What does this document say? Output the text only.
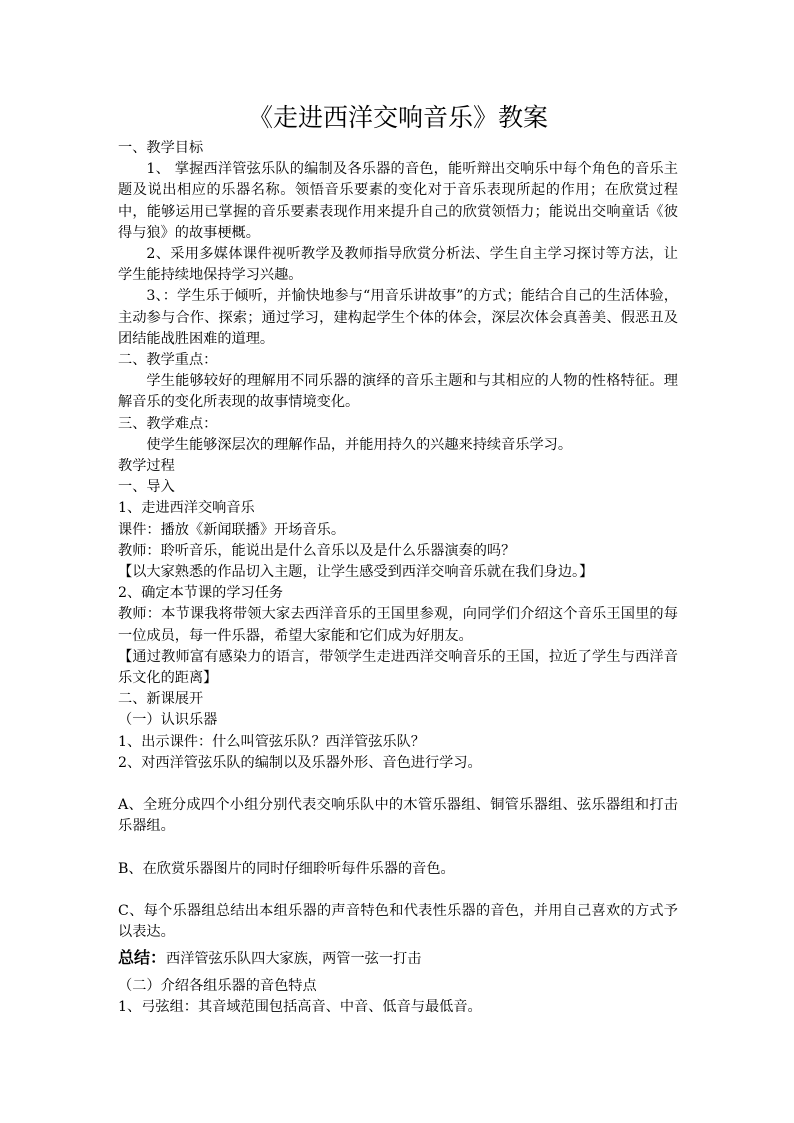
《走进西洋交响音乐》教案

一、教学目标

1、 掌握西洋管弦乐队的编制及各乐器的音色，能听辩出交响乐中每个角色的音乐主题及说出相应的乐器名称。领悟音乐要素的变化对于音乐表现所起的作用；在欣赏过程中，能够运用已掌握的音乐要素表现作用来提升自己的欣赏领悟力；能说出交响童话《彼得与狼》的故事梗概。

2、采用多媒体课件视听教学及教师指导欣赏分析法、学生自主学习探讨等方法，让学生能持续地保持学习兴趣。

3、：学生乐于倾听，并愉快地参与“用音乐讲故事”的方式；能结合自己的生活体验，主动参与合作、探索；通过学习，建构起学生个体的体会，深层次体会真善美、假恶丑及团结能战胜困难的道理。

二、教学重点：

学生能够较好的理解用不同乐器的演绎的音乐主题和与其相应的人物的性格特征。理解音乐的变化所表现的故事情境变化。

三、教学难点：

使学生能够深层次的理解作品，并能用持久的兴趣来持续音乐学习。

教学过程

一、导入

1、走进西洋交响音乐

课件：播放《新闻联播》开场音乐。

教师：聆听音乐，能说出是什么音乐以及是什么乐器演奏的吗？

【以大家熟悉的作品切入主题，让学生感受到西洋交响音乐就在我们身边。】

2、确定本节课的学习任务

教师：本节课我将带领大家去西洋音乐的王国里参观，向同学们介绍这个音乐王国里的每一位成员，每一件乐器，希望大家能和它们成为好朋友。

【通过教师富有感染力的语言，带领学生走进西洋交响音乐的王国，拉近了学生与西洋音乐文化的距离】

二、新课展开

（一）认识乐器

1、出示课件：什么叫管弦乐队？西洋管弦乐队？

2、对西洋管弦乐队的编制以及乐器外形、音色进行学习。

A、全班分成四个小组分别代表交响乐队中的木管乐器组、铜管乐器组、弦乐器组和打击乐器组。

B、在欣赏乐器图片的同时仔细聆听每件乐器的音色。

C、每个乐器组总结出本组乐器的声音特色和代表性乐器的音色，并用自己喜欢的方式予以表达。

总结：西洋管弦乐队四大家族，两管一弦一打击

（二）介绍各组乐器的音色特点

1、弓弦组：其音域范围包括高音、中音、低音与最低音。
